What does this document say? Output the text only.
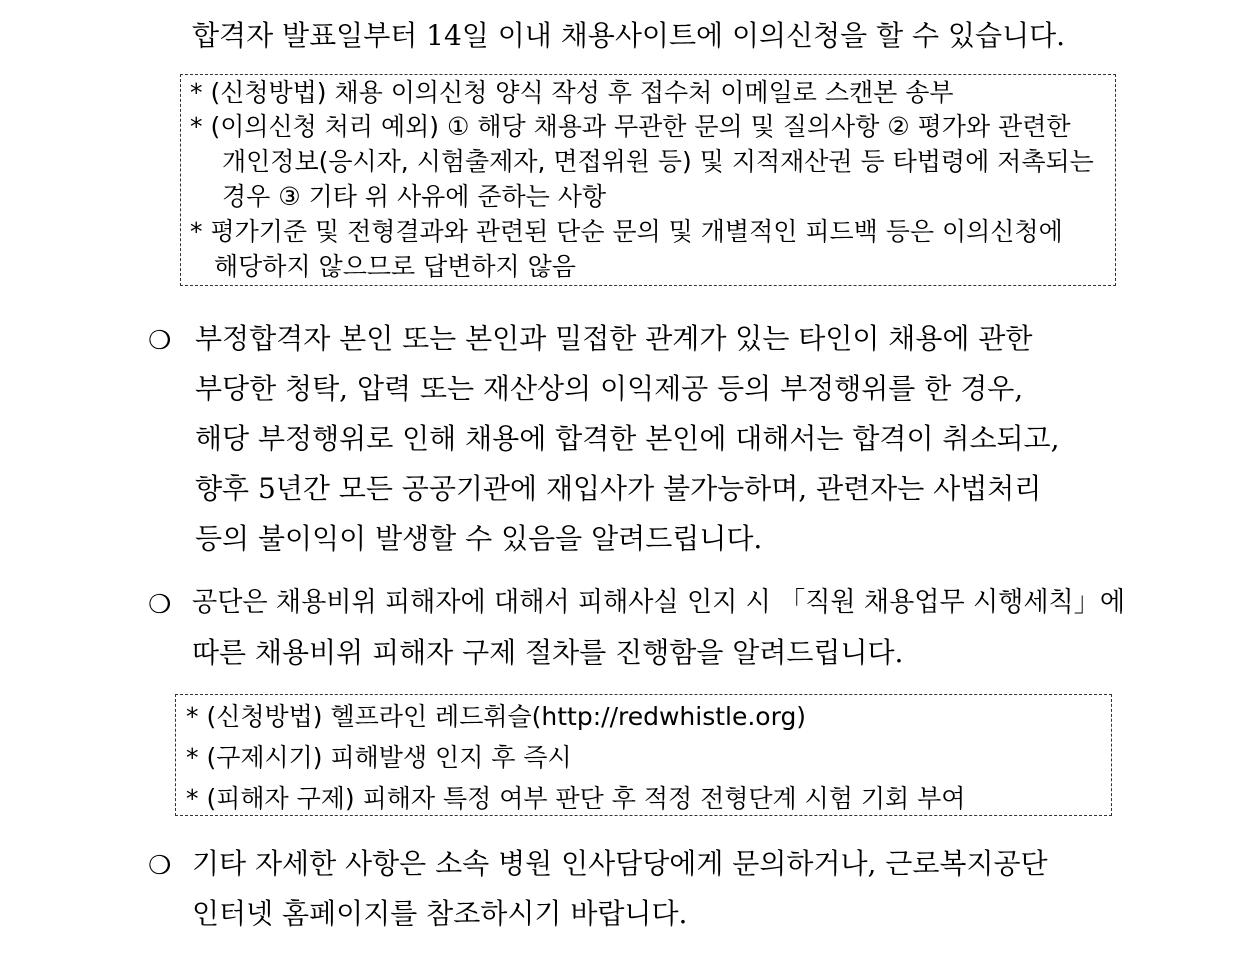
합격자 발표일부터 14일 이내 채용사이트에 이의신청을 할 수 있습니다.
* (신청방법) 채용 이의신청 양식 작성 후 접수처 이메일로 스캔본 송부
* (이의신청 처리 예외) ① 해당 채용과 무관한 문의 및 질의사항 ② 평가와 관련한
개인정보(응시자, 시험출제자, 면접위원 등) 및 지적재산권 등 타법령에 저촉되는
경우 ③ 기타 위 사유에 준하는 사항
* 평가기준 및 전형결과와 관련된 단순 문의 및 개별적인 피드백 등은 이의신청에
해당하지 않으므로 답변하지 않음
❍ 부정합격자 본인 또는 본인과 밀접한 관계가 있는 타인이 채용에 관한
부당한 청탁, 압력 또는 재산상의 이익제공 등의 부정행위를 한 경우,
해당 부정행위로 인해 채용에 합격한 본인에 대해서는 합격이 취소되고,
향후 5년간 모든 공공기관에 재입사가 불가능하며, 관련자는 사법처리
등의 불이익이 발생할 수 있음을 알려드립니다.
❍ 공단은 채용비위 피해자에 대해서 피해사실 인지 시 「직원 채용업무 시행세칙」에
따른 채용비위 피해자 구제 절차를 진행함을 알려드립니다.
* (신청방법) 헬프라인 레드휘슬(http://redwhistle.org)
* (구제시기) 피해발생 인지 후 즉시
* (피해자 구제) 피해자 특정 여부 판단 후 적정 전형단계 시험 기회 부여
❍ 기타 자세한 사항은 소속 병원 인사담당에게 문의하거나, 근로복지공단
인터넷 홈페이지를 참조하시기 바랍니다.
